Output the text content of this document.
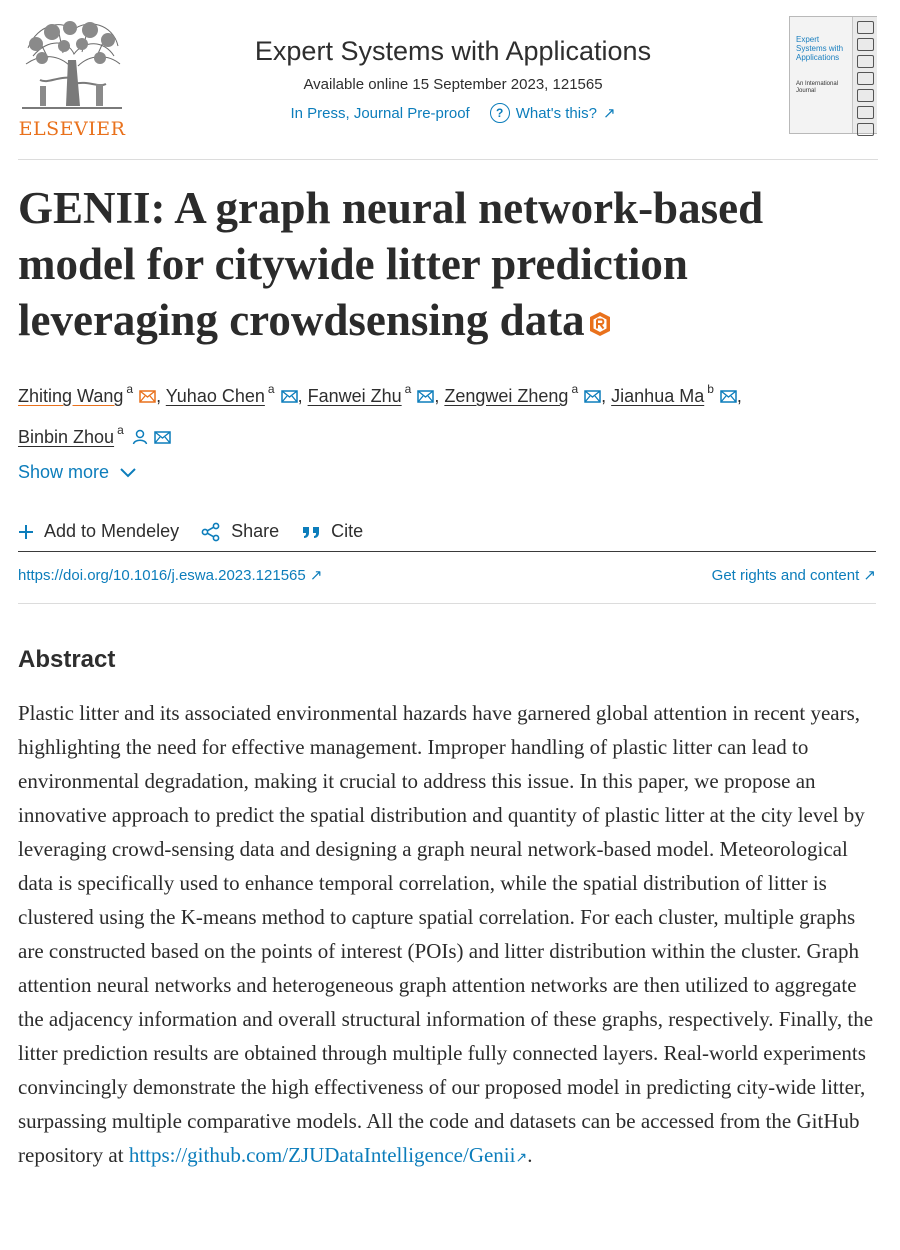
ELSEVIER
Expert Systems with Applications
Available online 15 September 2023, 121565
In Press, Journal Pre-proof	? What's this? ↗
Expert Systems with Applications
An International Journal
GENII: A graph neural network-based model for citywide litter prediction leveraging crowdsensing data
Zhiting Wang $^a$ , Yuhao Chen $^a$ , Fanwei Zhu $^a$ , Zengwei Zheng $^a$ , Jianhua Ma $^b$ ,
Binbin Zhou $^a$
Show more
Add to Mendeley	Share	Cite
https://doi.org/10.1016/j.eswa.2023.121565 ↗	Get rights and content ↗
Abstract

Plastic litter and its associated environmental hazards have garnered global attention in recent years, highlighting the need for effective management. Improper handling of plastic litter can lead to environmental degradation, making it crucial to address this issue. In this paper, we propose an innovative approach to predict the spatial distribution and quantity of plastic litter at the city level by leveraging crowd-sensing data and designing a graph neural network-based model. Meteorological data is specifically used to enhance temporal correlation, while the spatial distribution of litter is clustered using the K-means method to capture spatial correlation. For each cluster, multiple graphs are constructed based on the points of interest (POIs) and litter distribution within the cluster. Graph attention neural networks and heterogeneous graph attention networks are then utilized to aggregate the adjacency information and overall structural information of these graphs, respectively. Finally, the litter prediction results are obtained through multiple fully connected layers. Real-world experiments convincingly demonstrate the high effectiveness of our proposed model in predicting city-wide litter, surpassing multiple comparative models. All the code and datasets can be accessed from the GitHub repository at https://github.com/ZJUDataIntelligence/Genii↗.
